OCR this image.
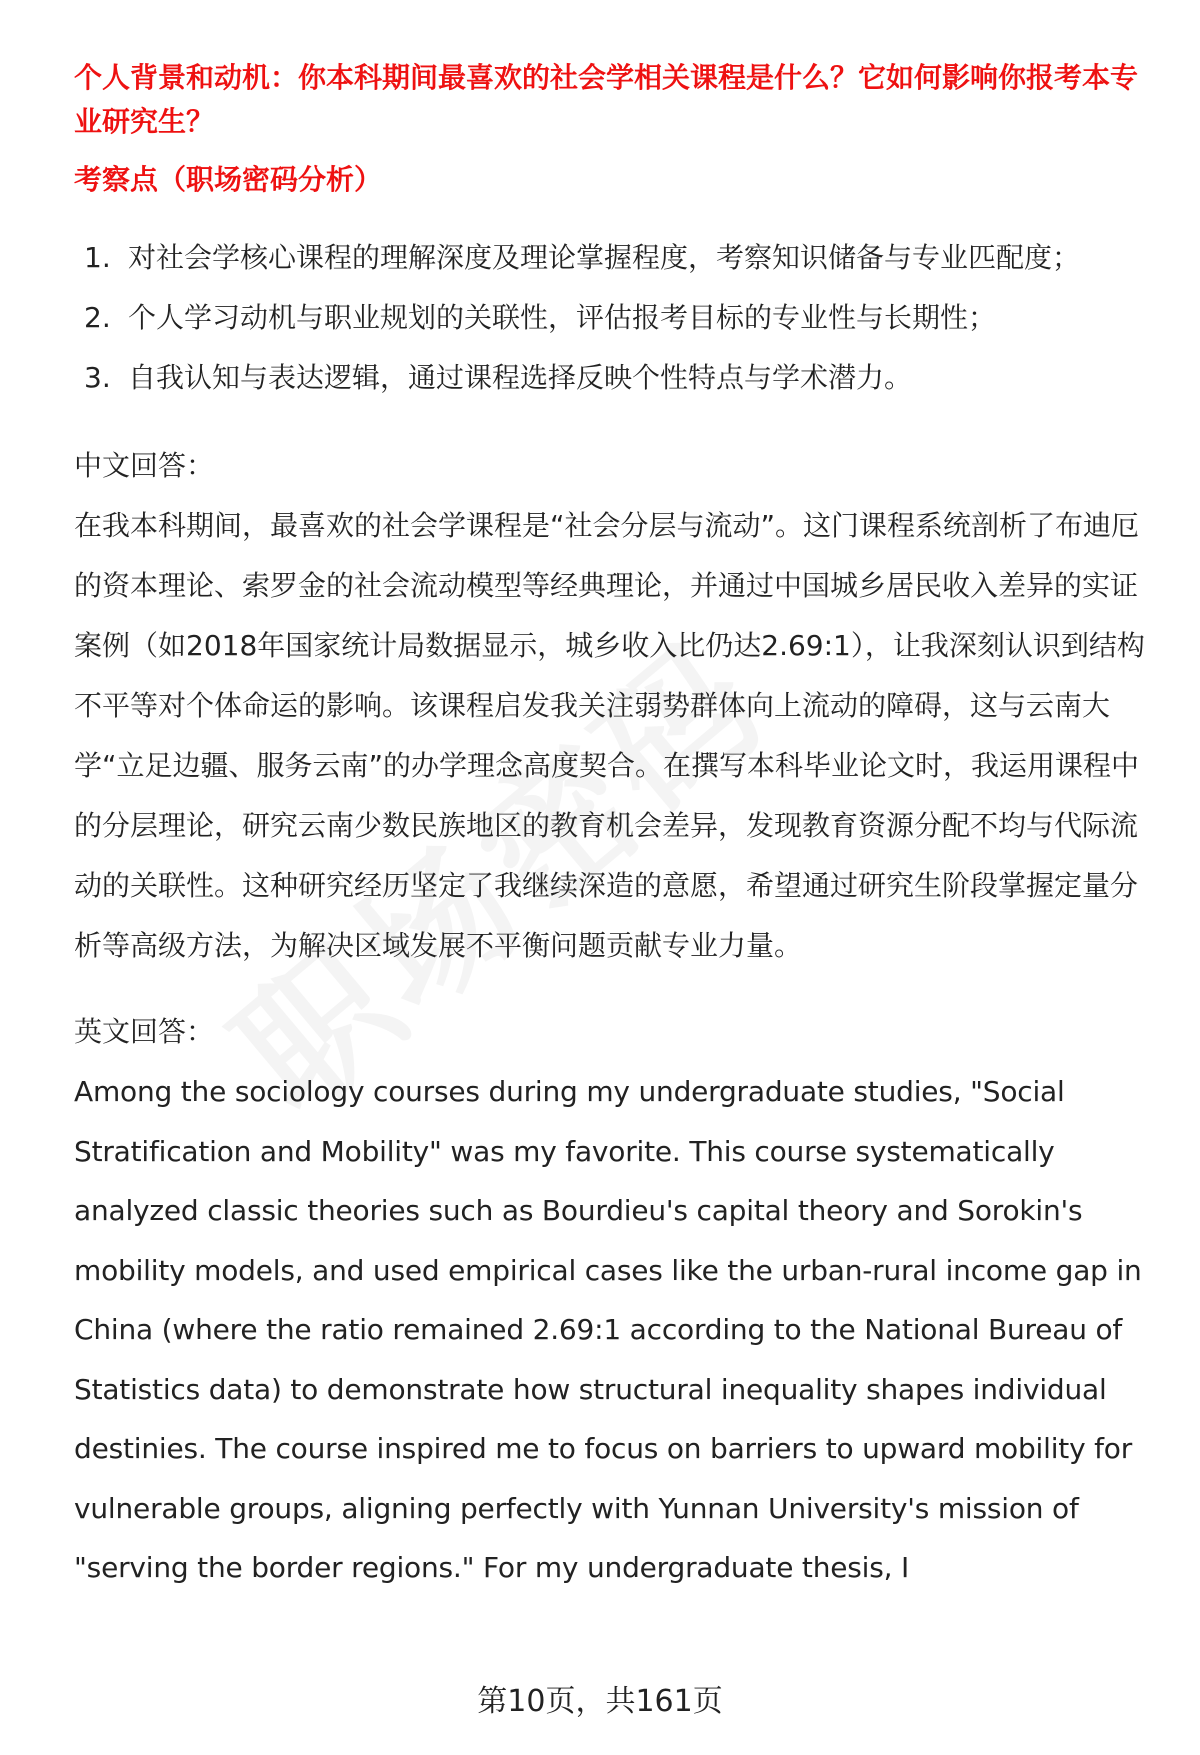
个人背景和动机：你本科期间最喜欢的社会学相关课程是什么？它如何影响你报考本专业研究生？

考察点（职场密码分析）

1. 对社会学核心课程的理解深度及理论掌握程度，考察知识储备与专业匹配度；
2. 个人学习动机与职业规划的关联性，评估报考目标的专业性与长期性；
3. 自我认知与表达逻辑，通过课程选择反映个性特点与学术潜力。

中文回答：

在我本科期间，最喜欢的社会学课程是“社会分层与流动”。这门课程系统剖析了布迪厄的资本理论、索罗金的社会流动模型等经典理论，并通过中国城乡居民收入差异的实证案例（如2018年国家统计局数据显示，城乡收入比仍达2.69:1），让我深刻认识到结构不平等对个体命运的影响。该课程启发我关注弱势群体向上流动的障碍，这与云南大学“立足边疆、服务云南”的办学理念高度契合。在撰写本科毕业论文时，我运用课程中的分层理论，研究云南少数民族地区的教育机会差异，发现教育资源分配不均与代际流动的关联性。这种研究经历坚定了我继续深造的意愿，希望通过研究生阶段掌握定量分析等高级方法，为解决区域发展不平衡问题贡献专业力量。

英文回答：

Among the sociology courses during my undergraduate studies, "Social Stratification and Mobility" was my favorite. This course systematically analyzed classic theories such as Bourdieu's capital theory and Sorokin's mobility models, and used empirical cases like the urban-rural income gap in China (where the ratio remained 2.69:1 according to the National Bureau of Statistics data) to demonstrate how structural inequality shapes individual destinies. The course inspired me to focus on barriers to upward mobility for vulnerable groups, aligning perfectly with Yunnan University's mission of "serving the border regions." For my undergraduate thesis, I

第10页，共161页
